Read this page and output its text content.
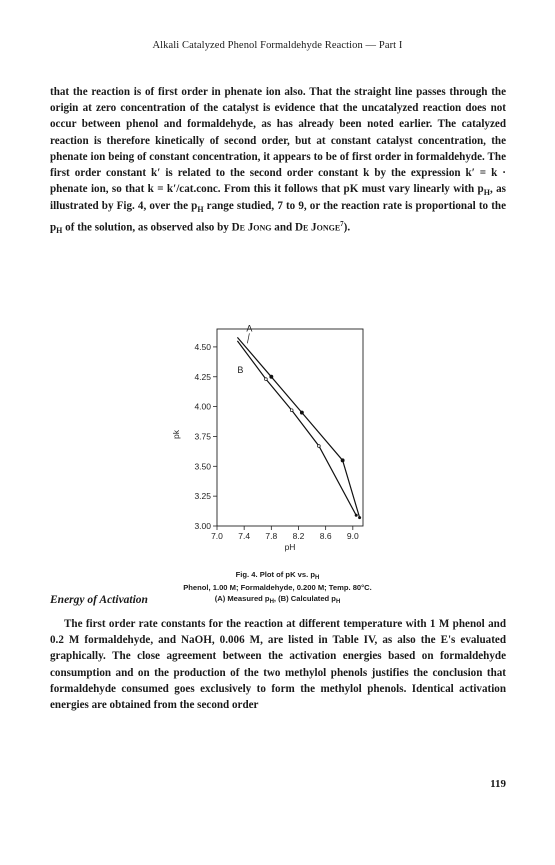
Alkali Catalyzed Phenol Formaldehyde Reaction — Part I

that the reaction is of first order in phenate ion also. That the straight line passes through the origin at zero concentration of the catalyst is evidence that the uncatalyzed reaction does not occur between phenol and formaldehyde, as has already been noted earlier. The catalyzed reaction is therefore kinetically of second order, but at constant catalyst concentration, the phenate ion being of constant concentration, it appears to be of first order in formaldehyde. The first order constant k′ is related to the second order constant k by the expression k′ = k · phenate ion, so that k = k′/cat.conc. From this it follows that pK must vary linearly with $p_H$, as illustrated by Fig. 4, over the $p_H$ range studied, 7 to 9, or the reaction rate is proportional to the $p_H$ of the solution, as observed also by De Jong and De Jonge$^7$).

3.00
3.25
3.50
3.75
4.00
4.25
4.50
7.0 7.4 7.8 8.2 8.6 9.0
pk
pH
A
B
Fig. 4. Plot of pK vs. $p_H$
Phenol, 1.00 M; Formaldehyde, 0.200 M; Temp. 80°C.
(A) Measured $p_H$, (B) Calculated $p_H$
Energy of Activation

The first order rate constants for the reaction at different temperature with 1 M phenol and 0.2 M formaldehyde, and NaOH, 0.006 M, are listed in Table IV, as also the E's evaluated graphically. The close agreement between the activation energies based on formaldehyde consumption and on the production of the two methylol phenols justifies the conclusion that formaldehyde consumed goes exclusively to form the methylol phenols. Identical activation energies are obtained from the second order

119
